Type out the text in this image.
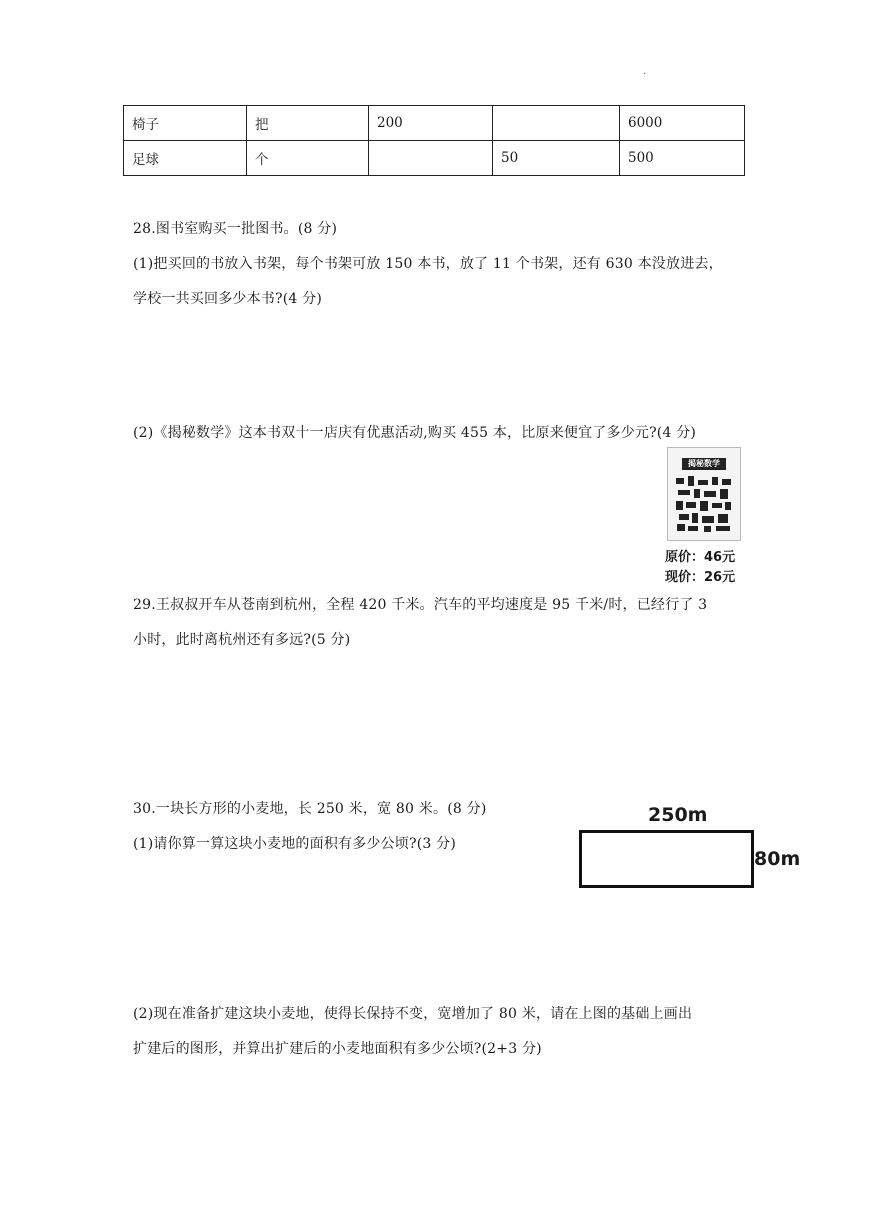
.
椅子	把	200		6000
足球	个		50	500
28.图书室购买一批图书。(8 分)
(1)把买回的书放入书架，每个书架可放 150 本书，放了 11 个书架，还有 630 本没放进去，
学校一共买回多少本书?(4 分)
(2)《揭秘数学》这本书双十一店庆有优惠活动,购买 455 本，比原来便宜了多少元?(4 分)
揭秘数学
原价：46元
现价：26元
29.王叔叔开车从苍南到杭州，全程 420 千米。汽车的平均速度是 95 千米/时，已经行了 3
小时，此时离杭州还有多远?(5 分)
30.一块长方形的小麦地，长 250 米，宽 80 米。(8 分)
(1)请你算一算这块小麦地的面积有多少公顷?(3 分)
250m
80m
(2)现在准备扩建这块小麦地，使得长保持不变，宽增加了 80 米，请在上图的基础上画出
扩建后的图形，并算出扩建后的小麦地面积有多少公顷?(2+3 分)
